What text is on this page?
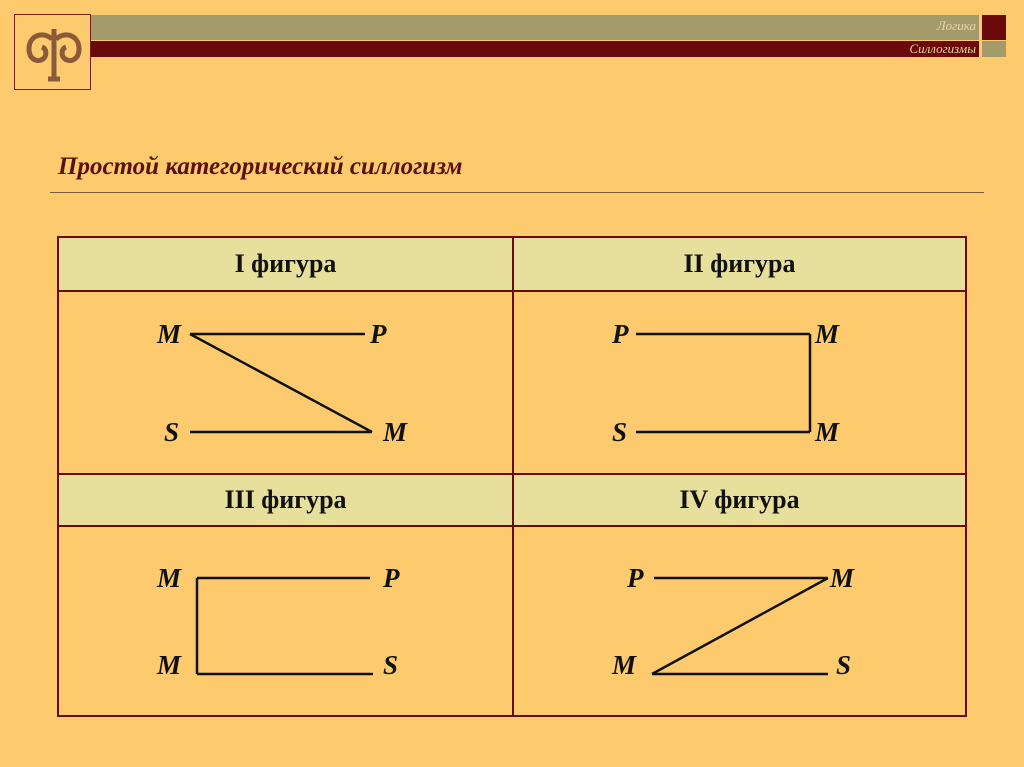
Логика
Силлогизмы
Простой категорический силлогизм
I фигура	II фигура
III фигура	IV фигура
M	P
S	M
P	M
S	M
M	P
M	S
P	M
M	S
